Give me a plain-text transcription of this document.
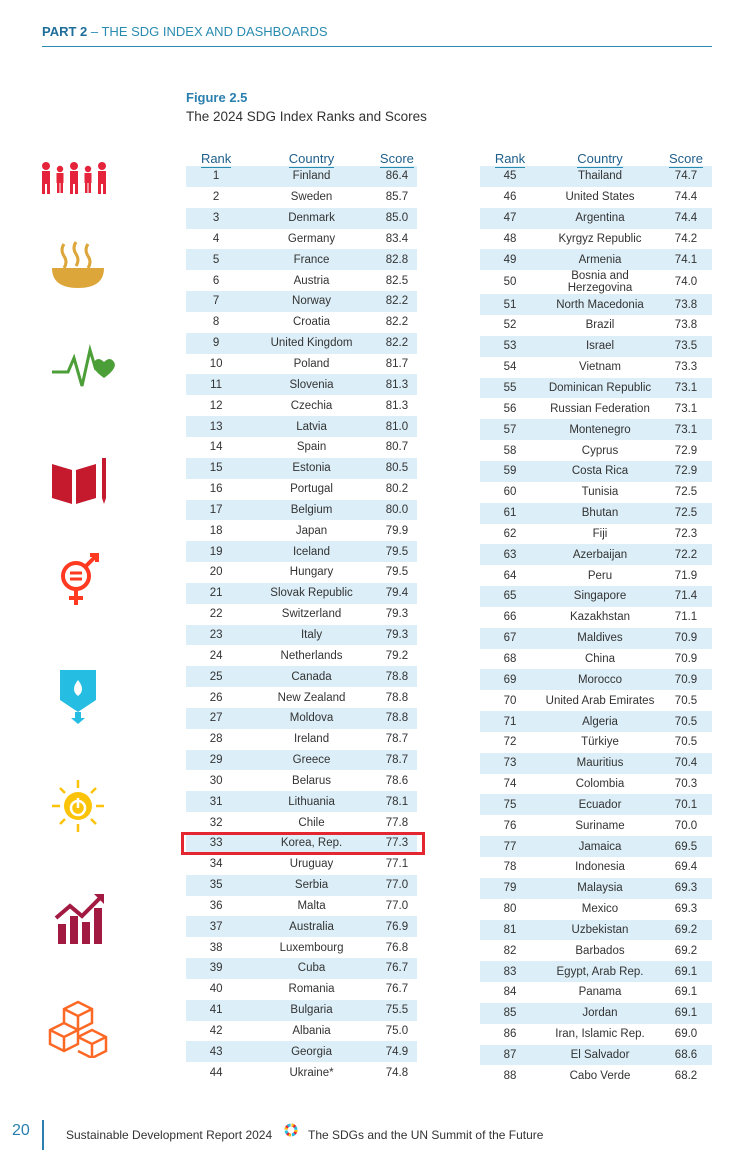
PART 2 – THE SDG INDEX AND DASHBOARDS
Figure 2.5
The 2024 SDG Index Ranks and Scores
Rank	Country	Score
1	Finland	86.4
2	Sweden	85.7
3	Denmark	85.0
4	Germany	83.4
5	France	82.8
6	Austria	82.5
7	Norway	82.2
8	Croatia	82.2
9	United Kingdom	82.2
10	Poland	81.7
11	Slovenia	81.3
12	Czechia	81.3
13	Latvia	81.0
14	Spain	80.7
15	Estonia	80.5
16	Portugal	80.2
17	Belgium	80.0
18	Japan	79.9
19	Iceland	79.5
20	Hungary	79.5
21	Slovak Republic	79.4
22	Switzerland	79.3
23	Italy	79.3
24	Netherlands	79.2
25	Canada	78.8
26	New Zealand	78.8
27	Moldova	78.8
28	Ireland	78.7
29	Greece	78.7
30	Belarus	78.6
31	Lithuania	78.1
32	Chile	77.8
33	Korea, Rep.	77.3
34	Uruguay	77.1
35	Serbia	77.0
36	Malta	77.0
37	Australia	76.9
38	Luxembourg	76.8
39	Cuba	76.7
40	Romania	76.7
41	Bulgaria	75.5
42	Albania	75.0
43	Georgia	74.9
44	Ukraine*	74.8
Rank	Country	Score
45	Thailand	74.7
46	United States	74.4
47	Argentina	74.4
48	Kyrgyz Republic	74.2
49	Armenia	74.1
50	Bosnia and Herzegovina	74.0
51	North Macedonia	73.8
52	Brazil	73.8
53	Israel	73.5
54	Vietnam	73.3
55	Dominican Republic	73.1
56	Russian Federation	73.1
57	Montenegro	73.1
58	Cyprus	72.9
59	Costa Rica	72.9
60	Tunisia	72.5
61	Bhutan	72.5
62	Fiji	72.3
63	Azerbaijan	72.2
64	Peru	71.9
65	Singapore	71.4
66	Kazakhstan	71.1
67	Maldives	70.9
68	China	70.9
69	Morocco	70.9
70	United Arab Emirates	70.5
71	Algeria	70.5
72	Türkiye	70.5
73	Mauritius	70.4
74	Colombia	70.3
75	Ecuador	70.1
76	Suriname	70.0
77	Jamaica	69.5
78	Indonesia	69.4
79	Malaysia	69.3
80	Mexico	69.3
81	Uzbekistan	69.2
82	Barbados	69.2
83	Egypt, Arab Rep.	69.1
84	Panama	69.1
85	Jordan	69.1
86	Iran, Islamic Rep.	69.0
87	El Salvador	68.6
88	Cabo Verde	68.2
20	Sustainable Development Report 2024	The SDGs and the UN Summit of the Future
